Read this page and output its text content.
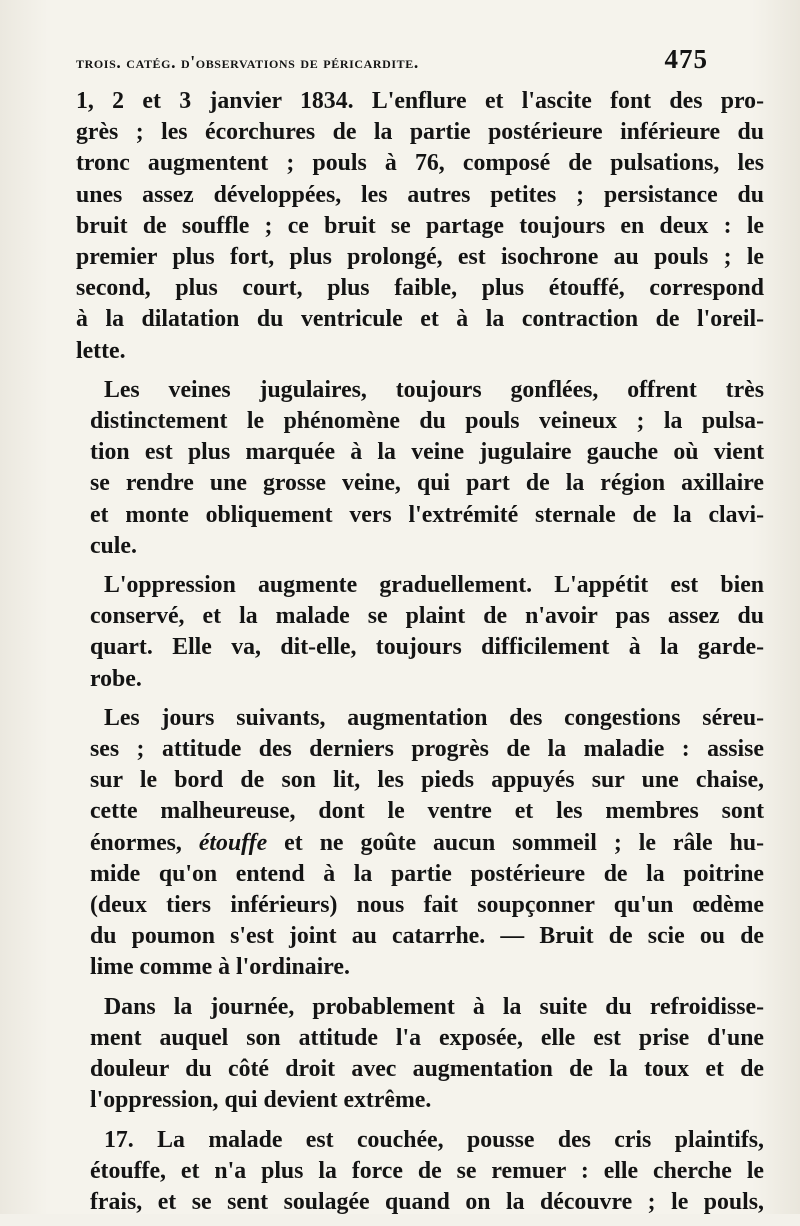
trois. catég. d'observations de péricardite.	475

1, 2 et 3 janvier 1834. L'enflure et l'ascite font des pro-
grès ; les écorchures de la partie postérieure inférieure du
tronc augmentent ; pouls à 76, composé de pulsations, les
unes assez développées, les autres petites ; persistance du
bruit de souffle ; ce bruit se partage toujours en deux : le
premier plus fort, plus prolongé, est isochrone au pouls ; le
second, plus court, plus faible, plus étouffé, correspond
à la dilatation du ventricule et à la contraction de l'oreil-
lette.

Les veines jugulaires, toujours gonflées, offrent très
distinctement le phénomène du pouls veineux ; la pulsa-
tion est plus marquée à la veine jugulaire gauche où vient
se rendre une grosse veine, qui part de la région axillaire
et monte obliquement vers l'extrémité sternale de la clavi-
cule.

L'oppression augmente graduellement. L'appétit est bien
conservé, et la malade se plaint de n'avoir pas assez du
quart. Elle va, dit-elle, toujours difficilement à la garde-
robe.

Les jours suivants, augmentation des congestions séreu-
ses ; attitude des derniers progrès de la maladie : assise
sur le bord de son lit, les pieds appuyés sur une chaise,
cette malheureuse, dont le ventre et les membres sont
énormes, étouffe et ne goûte aucun sommeil ; le râle hu-
mide qu'on entend à la partie postérieure de la poitrine
(deux tiers inférieurs) nous fait soupçonner qu'un œdème
du poumon s'est joint au catarrhe. — Bruit de scie ou de
lime comme à l'ordinaire.

Dans la journée, probablement à la suite du refroidisse-
ment auquel son attitude l'a exposée, elle est prise d'une
douleur du côté droit avec augmentation de la toux et de
l'oppression, qui devient extrême.

17. La malade est couchée, pousse des cris plaintifs,
étouffe, et n'a plus la force de se remuer : elle cherche le
frais, et se sent soulagée quand on la découvre ; le pouls,
